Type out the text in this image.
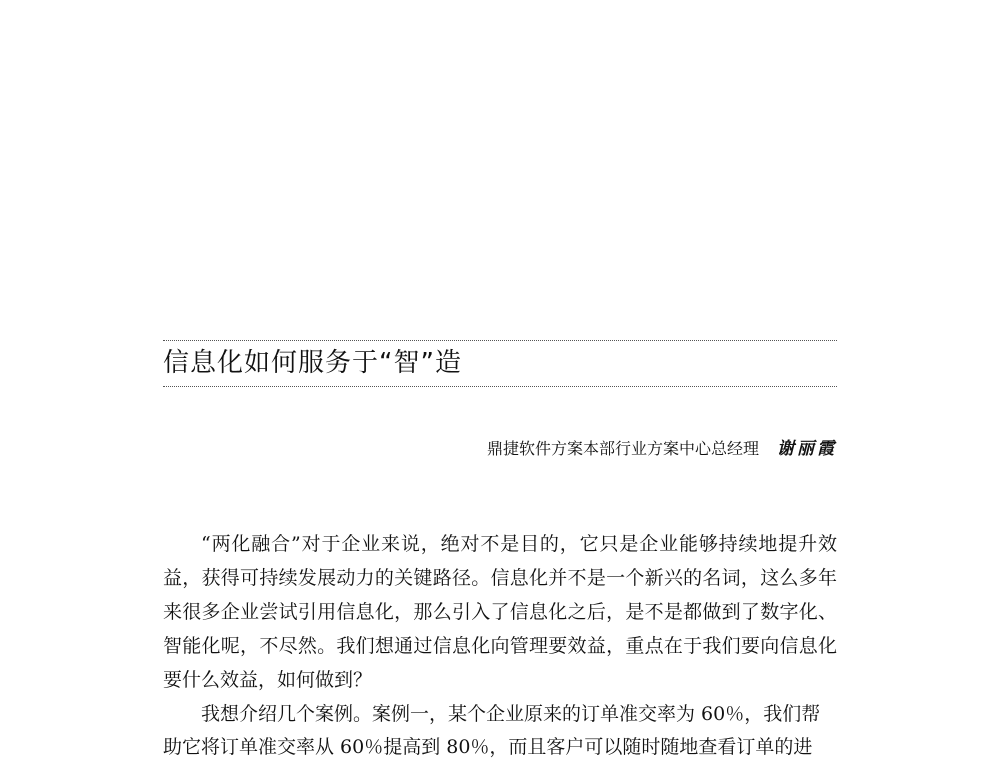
信息化如何服务于“智”造
鼎捷软件方案本部行业方案中心总经理 谢丽霞

“两化融合”对于企业来说，绝对不是目的，它只是企业能够持续地提升效益，获得可持续发展动力的关键路径。信息化并不是一个新兴的名词，这么多年来很多企业尝试引用信息化，那么引入了信息化之后，是不是都做到了数字化、智能化呢，不尽然。我们想通过信息化向管理要效益，重点在于我们要向信息化要什么效益，如何做到？

我想介绍几个案例。案例一，某个企业原来的订单准交率为 60％，我们帮

助它将订单准交率从 60％提高到 80％，而且客户可以随时随地查看订单的进
